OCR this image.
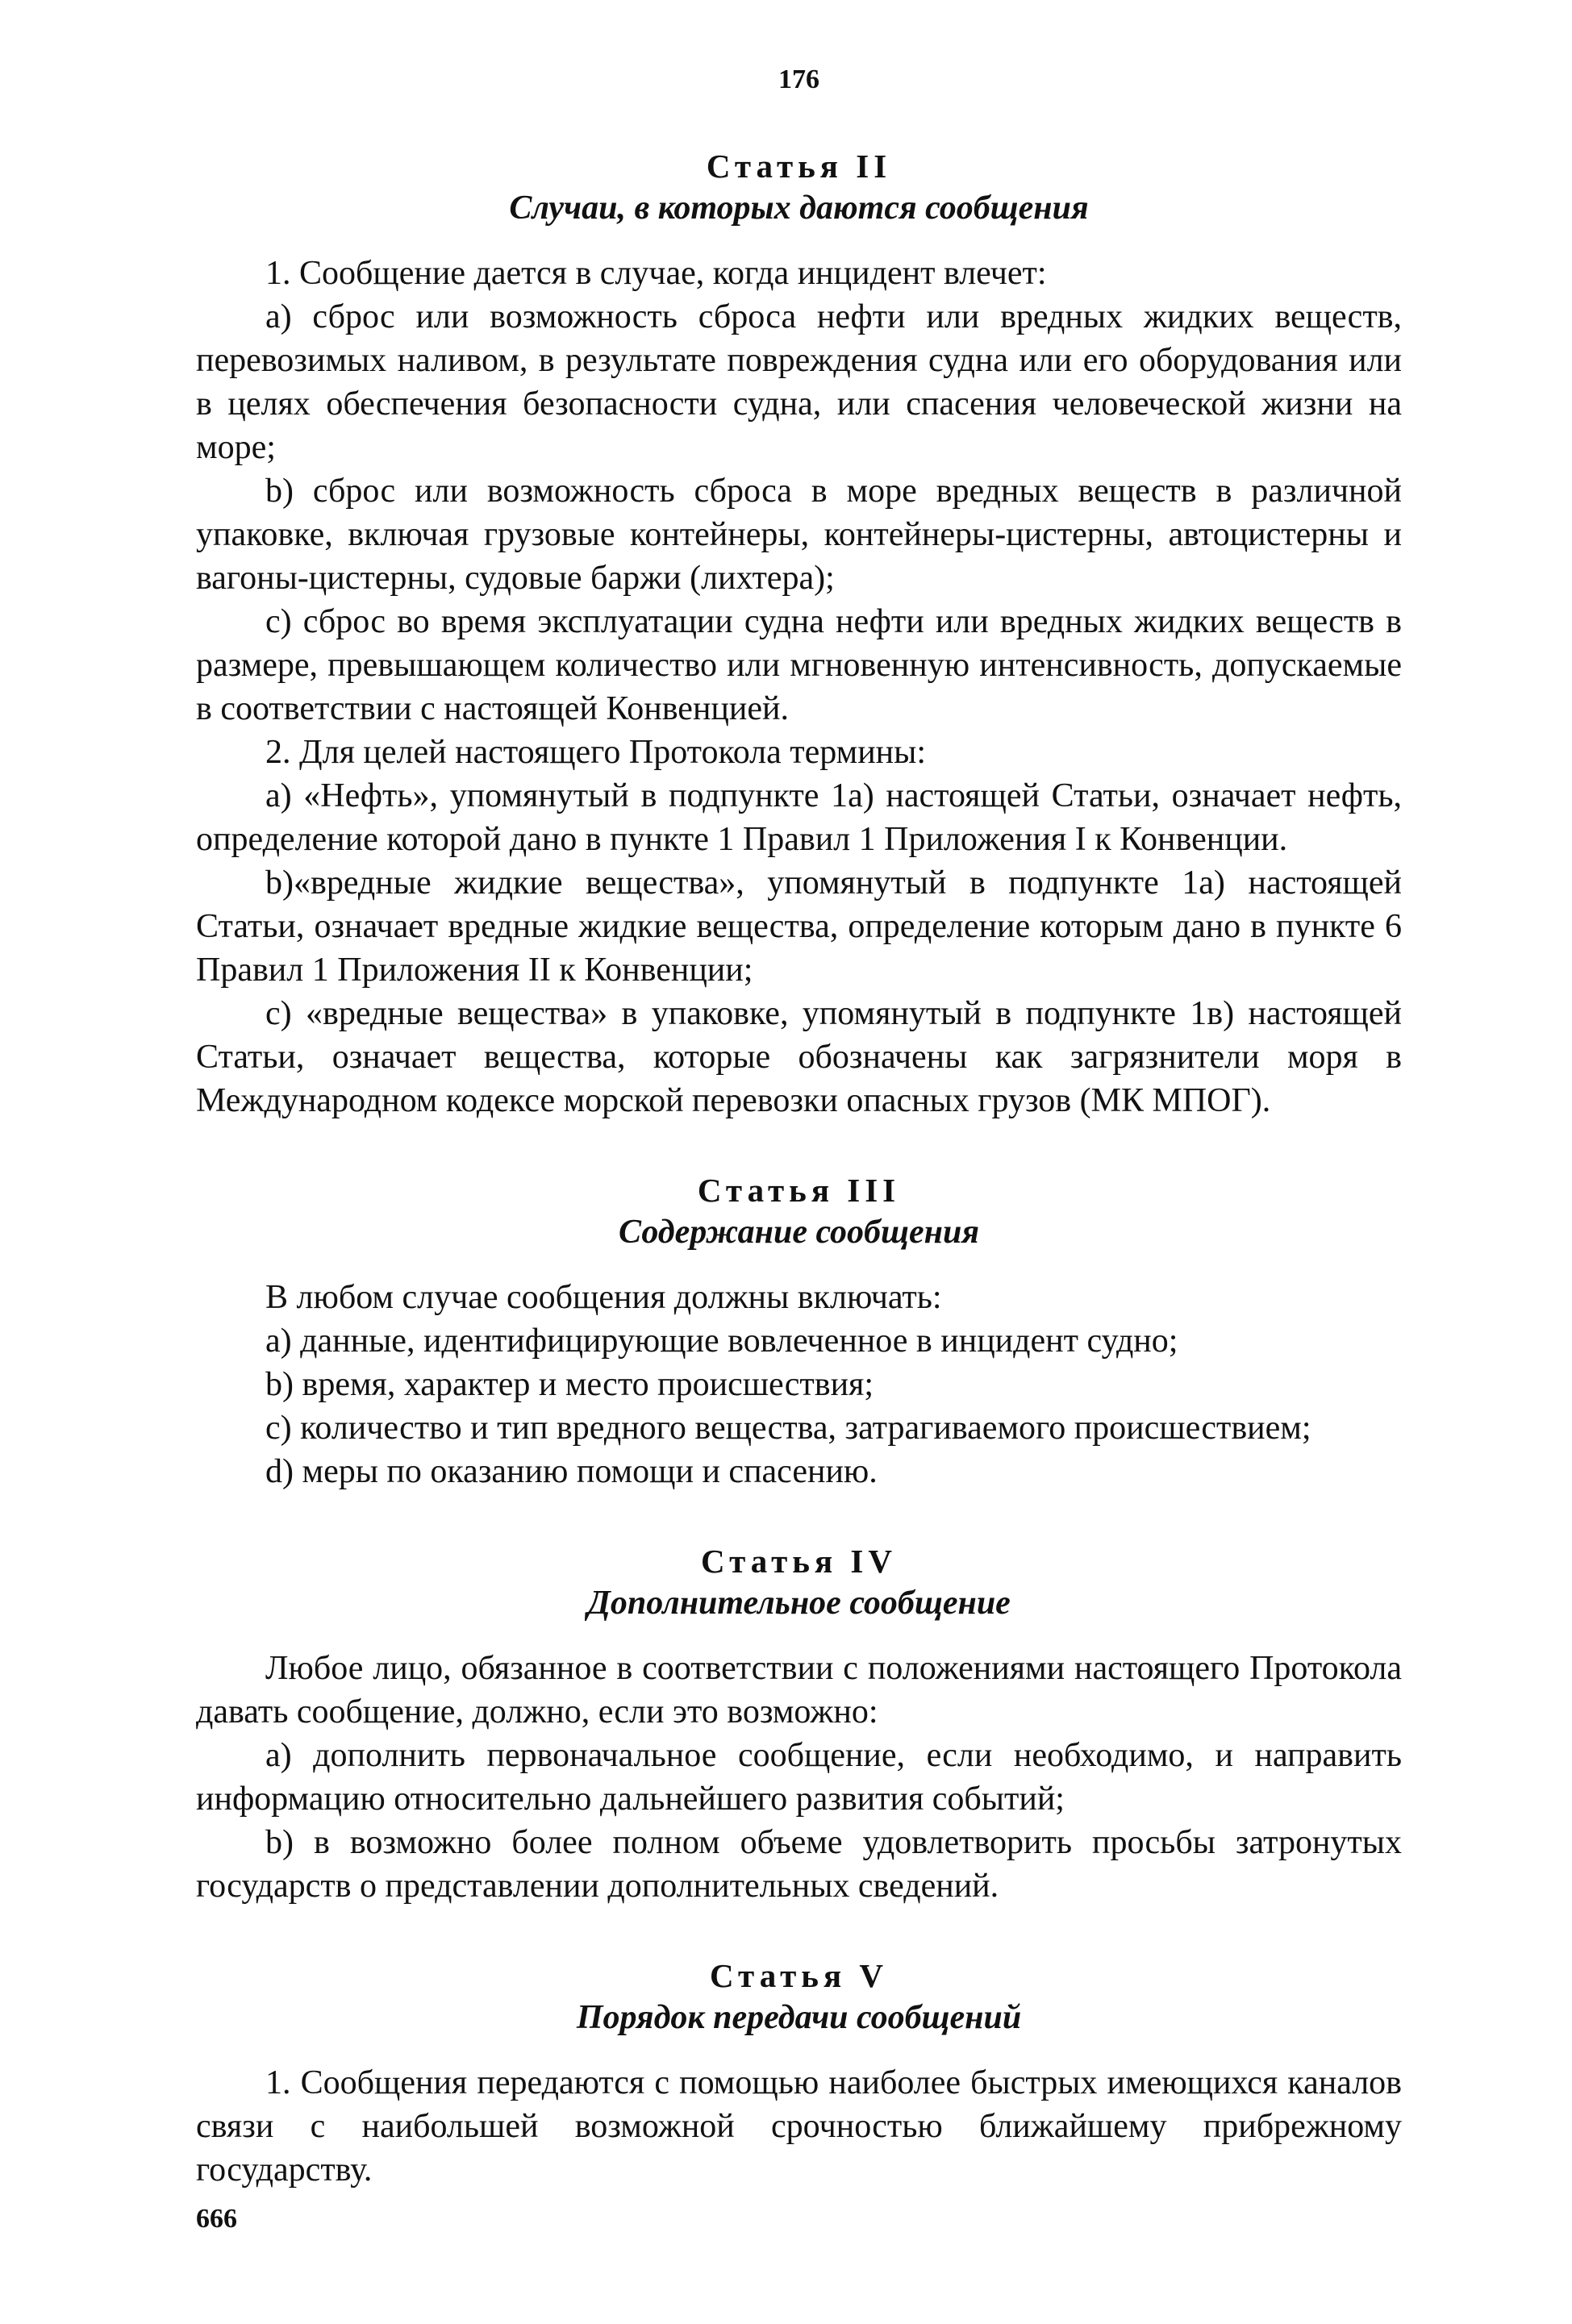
176

Статья II
Случаи, в которых даются сообщения

1. Сообщение дается в случае, когда инцидент влечет:

a) сброс или возможность сброса нефти или вредных жидких веществ, перевозимых наливом, в результате повреждения судна или его оборудования или в целях обеспечения безопасности судна, или спасения человеческой жизни на море;

b) сброс или возможность сброса в море вредных веществ в различной упаковке, включая грузовые контейнеры, контейнеры-цистерны, автоцистерны и вагоны-цистерны, судовые баржи (лихтера);

c) сброс во время эксплуатации судна нефти или вредных жидких веществ в размере, превышающем количество или мгновенную интенсивность, допускаемые в соответствии с настоящей Конвенцией.

2. Для целей настоящего Протокола термины:

a) «Нефть», упомянутый в подпункте 1a) настоящей Статьи, означает нефть, определение которой дано в пункте 1 Правил 1 Приложения I к Конвенции.

b)«вредные жидкие вещества», упомянутый в подпункте 1a) настоящей Статьи, означает вредные жидкие вещества, определение которым дано в пункте 6 Правил 1 Приложения II к Конвенции;

c) «вредные вещества» в упаковке, упомянутый в подпункте 1в) настоящей Статьи, означает вещества, которые обозначены как загрязнители моря в Международном кодексе морской перевозки опасных грузов (МК МПОГ).

Статья III
Содержание сообщения

В любом случае сообщения должны включать:

a) данные, идентифицирующие вовлеченное в инцидент судно;

b) время, характер и место происшествия;

c) количество и тип вредного вещества, затрагиваемого происшествием;

d) меры по оказанию помощи и спасению.

Статья IV
Дополнительное сообщение

Любое лицо, обязанное в соответствии с положениями настоящего Протокола давать сообщение, должно, если это возможно:

a) дополнить первоначальное сообщение, если необходимо, и направить информацию относительно дальнейшего развития событий;

b) в возможно более полном объеме удовлетворить просьбы затронутых государств о представлении дополнительных сведений.

Статья V
Порядок передачи сообщений

1. Сообщения передаются с помощью наиболее быстрых имеющихся каналов связи с наибольшей возможной срочностью ближайшему прибрежному государству.

666
